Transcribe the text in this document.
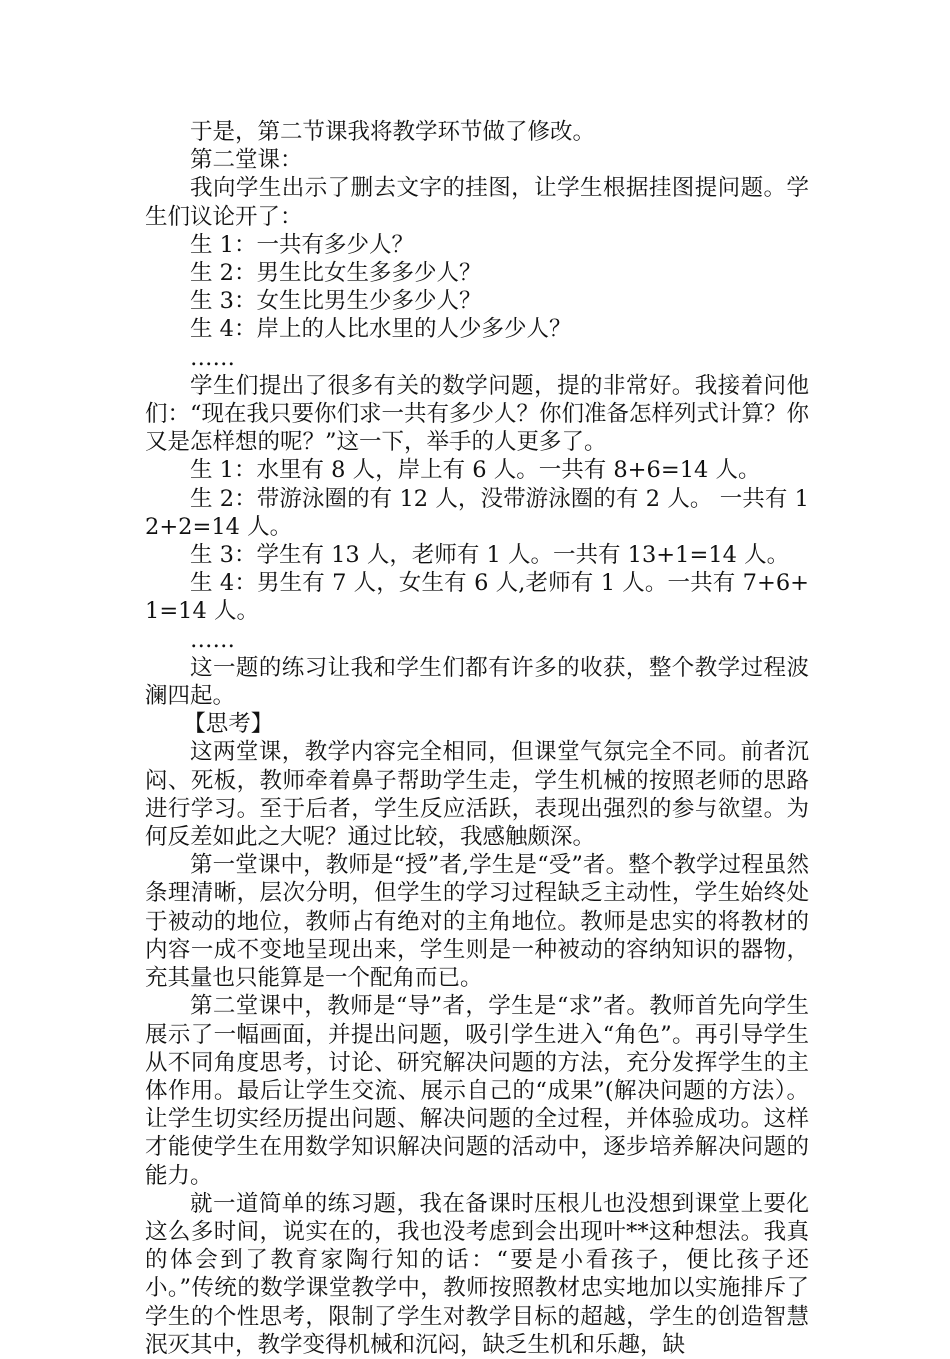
于是，第二节课我将教学环节做了修改。

第二堂课：

我向学生出示了删去文字的挂图，让学生根据挂图提问题。学生们议论开了：

生 1：一共有多少人？

生 2：男生比女生多多少人？

生 3：女生比男生少多少人？

生 4：岸上的人比水里的人少多少人？

……

学生们提出了很多有关的数学问题，提的非常好。我接着问他们：“现在我只要你们求一共有多少人？你们准备怎样列式计算？你又是怎样想的呢？”这一下，举手的人更多了。

生 1：水里有 8 人，岸上有 6 人。一共有 8+6=14 人。

生 2：带游泳圈的有 12 人，没带游泳圈的有 2 人。 一共有 12+2=14 人。

生 3：学生有 13 人，老师有 1 人。一共有 13+1=14 人。

生 4：男生有 7 人，女生有 6 人,老师有 1 人。一共有 7+6+1=14 人。

……

这一题的练习让我和学生们都有许多的收获，整个教学过程波澜四起。

【思考】

这两堂课，教学内容完全相同，但课堂气氛完全不同。前者沉闷、死板，教师牵着鼻子帮助学生走，学生机械的按照老师的思路进行学习。至于后者，学生反应活跃，表现出强烈的参与欲望。为何反差如此之大呢？通过比较，我感触颇深。

第一堂课中，教师是“授”者,学生是“受”者。整个教学过程虽然条理清晰，层次分明，但学生的学习过程缺乏主动性，学生始终处于被动的地位，教师占有绝对的主角地位。教师是忠实的将教材的内容一成不变地呈现出来，学生则是一种被动的容纳知识的器物，充其量也只能算是一个配角而已。

第二堂课中，教师是“导”者，学生是“求”者。教师首先向学生展示了一幅画面，并提出问题，吸引学生进入“角色”。再引导学生从不同角度思考，讨论、研究解决问题的方法，充分发挥学生的主体作用。最后让学生交流、展示自己的“成果”(解决问题的方法）。让学生切实经历提出问题、解决问题的全过程，并体验成功。这样才能使学生在用数学知识解决问题的活动中，逐步培养解决问题的能力。

就一道简单的练习题，我在备课时压根儿也没想到课堂上要化这么多时间，说实在的，我也没考虑到会出现叶**这种想法。我真的体会到了教育家陶行知的话：“要是小看孩子，便比孩子还小。”传统的数学课堂教学中，教师按照教材忠实地加以实施排斥了学生的个性思考，限制了学生对教学目标的超越，学生的创造智慧泯灭其中，教学变得机械和沉闷，缺乏生机和乐趣，缺
